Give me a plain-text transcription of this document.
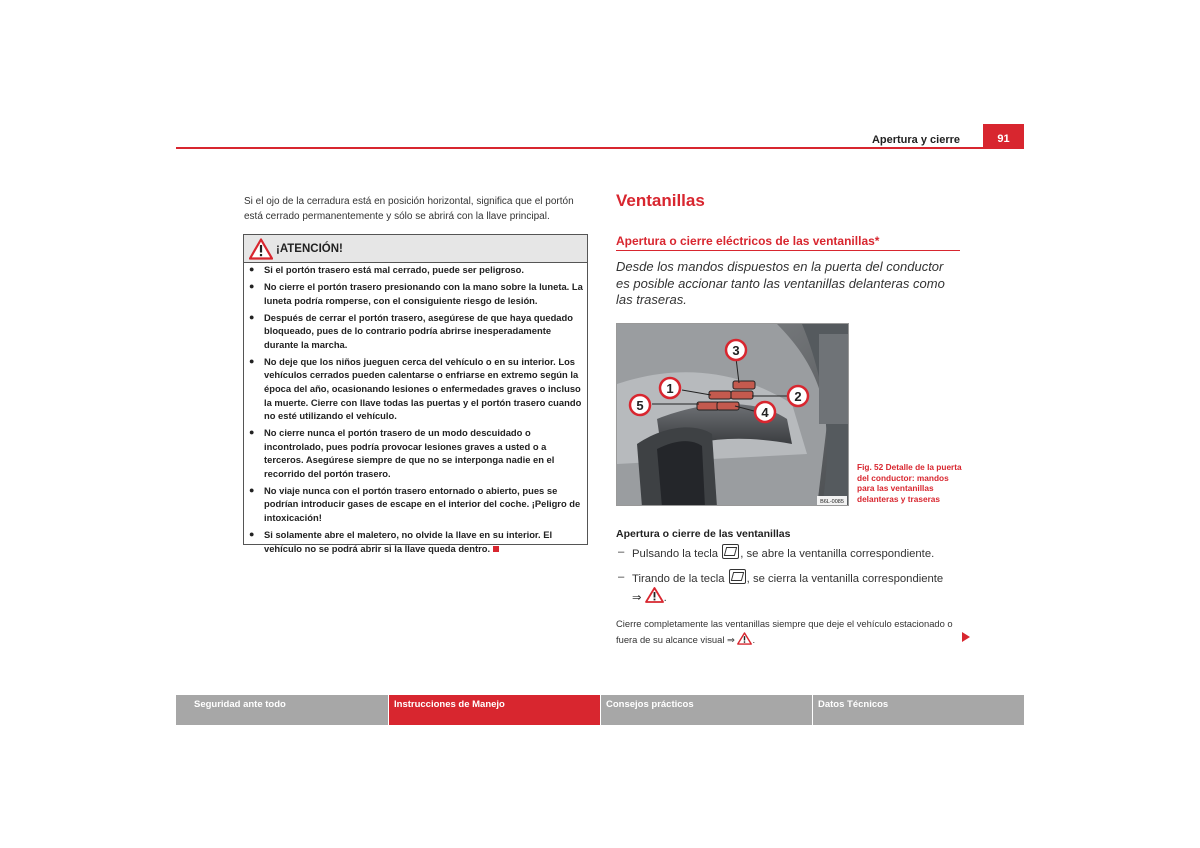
Apertura y cierre	91
Si el ojo de la cerradura está en posición horizontal, significa que el portón está cerrado permanentemente y sólo se abrirá con la llave principal.
¡ATENCIÓN!
● Si el portón trasero está mal cerrado, puede ser peligroso.
● No cierre el portón trasero presionando con la mano sobre la luneta. La luneta podría romperse, con el consiguiente riesgo de lesión.
● Después de cerrar el portón trasero, asegúrese de que haya quedado bloqueado, pues de lo contrario podría abrirse inesperadamente durante la marcha.
● No deje que los niños jueguen cerca del vehículo o en su interior. Los vehículos cerrados pueden calentarse o enfriarse en extremo según la época del año, ocasionando lesiones o enfermedades graves o incluso la muerte. Cierre con llave todas las puertas y el portón trasero cuando no esté utilizando el vehículo.
● No cierre nunca el portón trasero de un modo descuidado o incontrolado, pues podría provocar lesiones graves a usted o a terceros. Asegúrese siempre de que no se interponga nadie en el recorrido del portón trasero.
● No viaje nunca con el portón trasero entornado o abierto, pues se podrían introducir gases de escape en el interior del coche. ¡Peligro de intoxicación!
● Si solamente abre el maletero, no olvide la llave en su interior. El vehículo no se podrá abrir si la llave queda dentro.
Ventanillas
Apertura o cierre eléctricos de las ventanillas*
Desde los mandos dispuestos en la puerta del conductor es posible accionar tanto las ventanillas delanteras como las traseras.
1
2
3
4
5
B6L-0085
Fig. 52 Detalle de la puerta del conductor: mandos para las ventanillas delanteras y traseras
Apertura o cierre de las ventanillas
– Pulsando la tecla , se abre la ventanilla correspondiente.
– Tirando de la tecla , se cierra la ventanilla correspondiente
⇒ .
Cierre completamente las ventanillas siempre que deje el vehículo estacionado o fuera de su alcance visual ⇒ .
Seguridad ante todo	Instrucciones de Manejo	Consejos prácticos	Datos Técnicos
